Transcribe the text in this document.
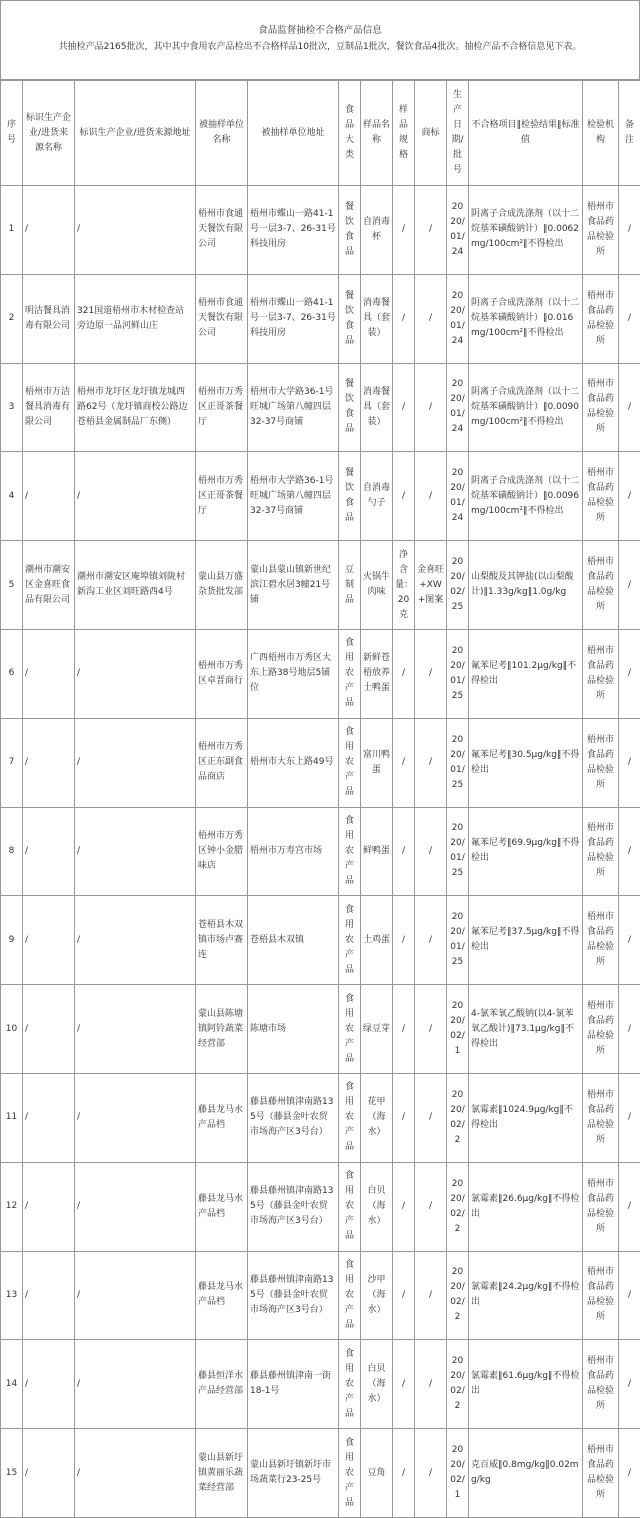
食品监督抽检不合格产品信息
共抽检产品2165批次，其中其中食用农产品检出不合格样品10批次，豆制品1批次，餐饮食品4批次。抽检产品不合格信息见下表。
序号	标识生产企业/进货来源名称	标识生产企业/进货来源地址	被抽样单位名称	被抽样单位地址	食品大类	样品名称	样品规格	商标	生产日期/批号	不合格项目‖检验结果‖标准值	检验机构	备注
1	/	/	梧州市食通天餐饮有限公司	梧州市蝶山一路41-1号一层3-7、26-31号科技用房	餐饮食品	自消毒杯	/	/	2020/01/24	阴离子合成洗涤剂（以十二烷基苯磺酸钠计）‖0.0062mg/100cm²‖不得检出	梧州市食品药品检验所	/
2	明洁餐具消毒有限公司	321国道梧州市木材检查站旁边原一品河鲜山庄	梧州市食通天餐饮有限公司	梧州市蝶山一路41-1号一层3-7、26-31号科技用房	餐饮食品	消毒餐具（套装）	/	/	2020/01/24	阴离子合成洗涤剂（以十二烷基苯磺酸钠计）‖0.016mg/100cm²‖不得检出	梧州市食品药品检验所	/
3	梧州市万洁餐具消毒有限公司	梧州市龙圩区龙圩镇龙城西路62号（龙圩镇商校公路边苍梧县金属制品厂东侧）	梧州市万秀区正哥茶餐厅	梧州市大学路36-1号旺城广场第八幢四层32-37号商铺	餐饮食品	消毒餐具（套装）	/	/	2020/01/24	阴离子合成洗涤剂（以十二烷基苯磺酸钠计）‖0.0090mg/100cm²‖不得检出	梧州市食品药品检验所	/
4	/	/	梧州市万秀区正哥茶餐厅	梧州市大学路36-1号旺城广场第八幢四层32-37号商铺	餐饮食品	自消毒勺子	/	/	2020/01/24	阴离子合成洗涤剂（以十二烷基苯磺酸钠计）‖0.0096mg/100cm²‖不得检出	梧州市食品药品检验所	/
5	潮州市潮安区金喜旺食品有限公司	潮州市潮安区庵埠镇刘陇村新沟工业区刘旺路西4号	蒙山县万盛杂货批发部	蒙山县蒙山镇新世纪滨江碧水居3幢21号铺	豆制品	火锅牛肉味	净含量：20克	金喜旺+XW+图案	2020/02/25	山梨酸及其钾盐(以山梨酸计)‖1.33g/kg‖1.0g/kg	梧州市食品药品检验所	/
6	/	/	梧州市万秀区卓晋商行	广西梧州市万秀区大东上路38号地层5铺位	食用农产品	新鲜苍梧放养土鸭蛋	/	/	2020/01/25	氟苯尼考‖101.2μg/kg‖不得检出	梧州市食品药品检验所	/
7	/	/	梧州市万秀区正东副食品商店	梧州市大东上路49号	食用农产品	富川鸭蛋	/	/	2020/01/25	氟苯尼考‖30.5μg/kg‖不得检出	梧州市食品药品检验所	/
8	/	/	梧州市万秀区钟小金腊味店	梧州市万寿宫市场	食用农产品	鲜鸭蛋	/	/	2020/01/25	氟苯尼考‖69.9μg/kg‖不得检出	梧州市食品药品检验所	/
9	/	/	苍梧县木双镇市场卢赛连	苍梧县木双镇	食用农产品	土鸡蛋	/	/	2020/01/25	氟苯尼考‖37.5μg/kg‖不得检出	梧州市食品药品检验所	/
10	/	/	蒙山县陈塘镇阿铃蔬菜经营部	陈塘市场	食用农产品	绿豆芽	/	/	2020/02/1	4-氯苯氧乙酸钠(以4-氯苯氧乙酸计)‖73.1μg/kg‖不得检出	梧州市食品药品检验所	/
11	/	/	藤县龙马水产品档	藤县藤州镇津南路135号（藤县金叶农贸市场海产区3号台）	食用农产品	花甲（海水）	/	/	2020/02/2	氯霉素‖1024.9μg/kg‖不得检出	梧州市食品药品检验所	/
12	/	/	藤县龙马水产品档	藤县藤州镇津南路135号（藤县金叶农贸市场海产区3号台）	食用农产品	白贝（海水）	/	/	2020/02/2	氯霉素‖26.6μg/kg‖不得检出	梧州市食品药品检验所	/
13	/	/	藤县龙马水产品档	藤县藤州镇津南路135号（藤县金叶农贸市场海产区3号台）	食用农产品	沙甲（海水）	/	/	2020/02/2	氯霉素‖24.2μg/kg‖不得检出	梧州市食品药品检验所	/
14	/	/	藤县恒洋水产品经营部	藤县藤州镇津南一街18-1号	食用农产品	白贝（海水）	/	/	2020/02/2	氯霉素‖61.6μg/kg‖不得检出	梧州市食品药品检验所	/
15	/	/	蒙山县新圩镇黄丽乐蔬菜经营部	蒙山县新圩镇新圩市场蔬菜行23-25号	食用农产品	豆角	/	/	2020/02/1	克百威‖0.8mg/kg‖0.02mg/kg	梧州市食品药品检验所	/
